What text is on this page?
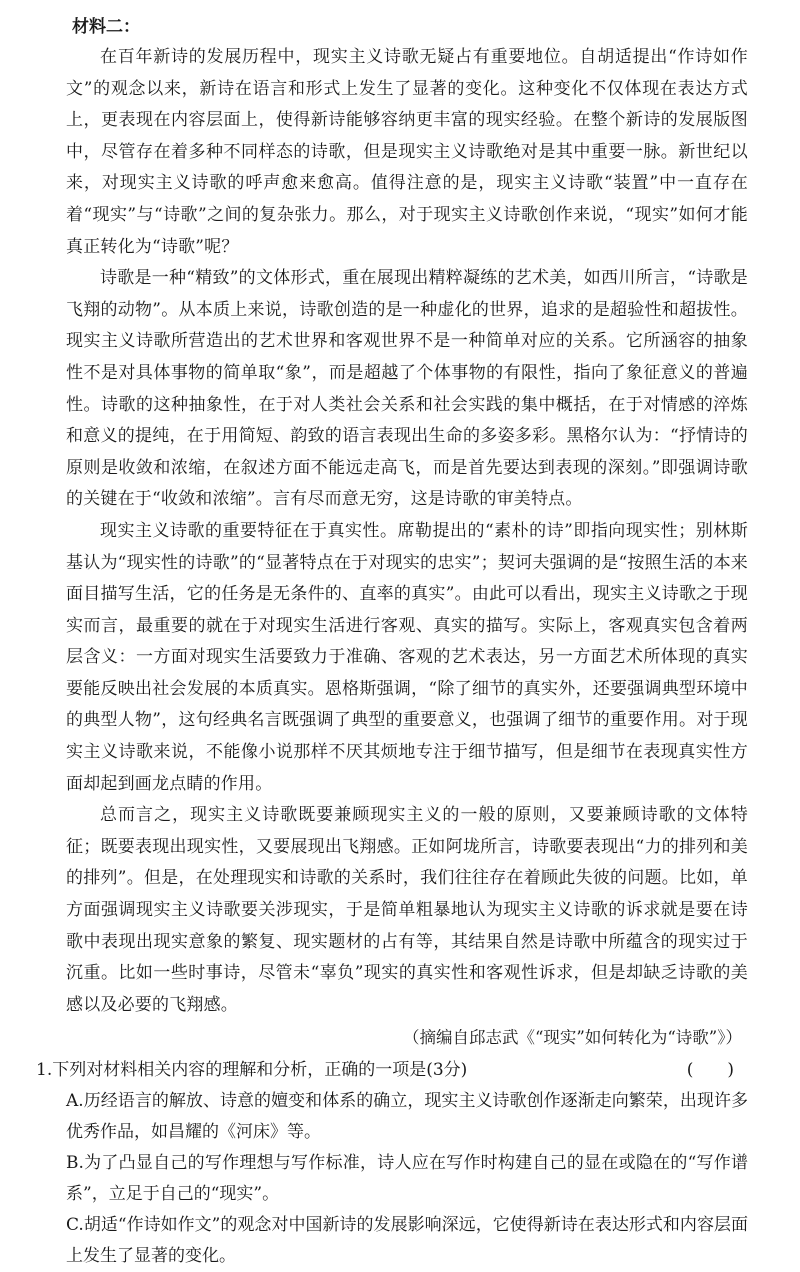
材料二：

在百年新诗的发展历程中，现实主义诗歌无疑占有重要地位。自胡适提出“作诗如作文”的观念以来，新诗在语言和形式上发生了显著的变化。这种变化不仅体现在表达方式上，更表现在内容层面上，使得新诗能够容纳更丰富的现实经验。在整个新诗的发展版图中，尽管存在着多种不同样态的诗歌，但是现实主义诗歌绝对是其中重要一脉。新世纪以来，对现实主义诗歌的呼声愈来愈高。值得注意的是，现实主义诗歌“装置”中一直存在着“现实”与“诗歌”之间的复杂张力。那么，对于现实主义诗歌创作来说，“现实”如何才能真正转化为“诗歌”呢？

诗歌是一种“精致”的文体形式，重在展现出精粹凝练的艺术美，如西川所言，“诗歌是飞翔的动物”。从本质上来说，诗歌创造的是一种虚化的世界，追求的是超验性和超拔性。现实主义诗歌所营造出的艺术世界和客观世界不是一种简单对应的关系。它所涵容的抽象性不是对具体事物的简单取“象”，而是超越了个体事物的有限性，指向了象征意义的普遍性。诗歌的这种抽象性，在于对人类社会关系和社会实践的集中概括，在于对情感的淬炼和意义的提纯，在于用简短、韵致的语言表现出生命的多姿多彩。黑格尔认为：“抒情诗的原则是收敛和浓缩，在叙述方面不能远走高飞，而是首先要达到表现的深刻。”即强调诗歌的关键在于“收敛和浓缩”。言有尽而意无穷，这是诗歌的审美特点。

现实主义诗歌的重要特征在于真实性。席勒提出的“素朴的诗”即指向现实性；别林斯基认为“现实性的诗歌”的“显著特点在于对现实的忠实”；契诃夫强调的是“按照生活的本来面目描写生活，它的任务是无条件的、直率的真实”。由此可以看出，现实主义诗歌之于现实而言，最重要的就在于对现实生活进行客观、真实的描写。实际上，客观真实包含着两层含义：一方面对现实生活要致力于准确、客观的艺术表达，另一方面艺术所体现的真实要能反映出社会发展的本质真实。恩格斯强调，“除了细节的真实外，还要强调典型环境中的典型人物”，这句经典名言既强调了典型的重要意义，也强调了细节的重要作用。对于现实主义诗歌来说，不能像小说那样不厌其烦地专注于细节描写，但是细节在表现真实性方面却起到画龙点睛的作用。

总而言之，现实主义诗歌既要兼顾现实主义的一般的原则，又要兼顾诗歌的文体特征；既要表现出现实性，又要展现出飞翔感。正如阿垅所言，诗歌要表现出“力的排列和美的排列”。但是，在处理现实和诗歌的关系时，我们往往存在着顾此失彼的问题。比如，单方面强调现实主义诗歌要关涉现实，于是简单粗暴地认为现实主义诗歌的诉求就是要在诗歌中表现出现实意象的繁复、现实题材的占有等，其结果自然是诗歌中所蕴含的现实过于沉重。比如一些时事诗，尽管未“辜负”现实的真实性和客观性诉求，但是却缺乏诗歌的美感以及必要的飞翔感。

（摘编自邱志武《“现实”如何转化为“诗歌”》）
1.下列对材料相关内容的理解和分析，正确的一项是(3分)	(　　)
A.历经语言的解放、诗意的嬗变和体系的确立，现实主义诗歌创作逐渐走向繁荣，出现许多优秀作品，如昌耀的《河床》等。
B.为了凸显自己的写作理想与写作标准，诗人应在写作时构建自己的显在或隐在的“写作谱系”，立足于自己的“现实”。
C.胡适“作诗如作文”的观念对中国新诗的发展影响深远，它使得新诗在表达形式和内容层面上发生了显著的变化。
